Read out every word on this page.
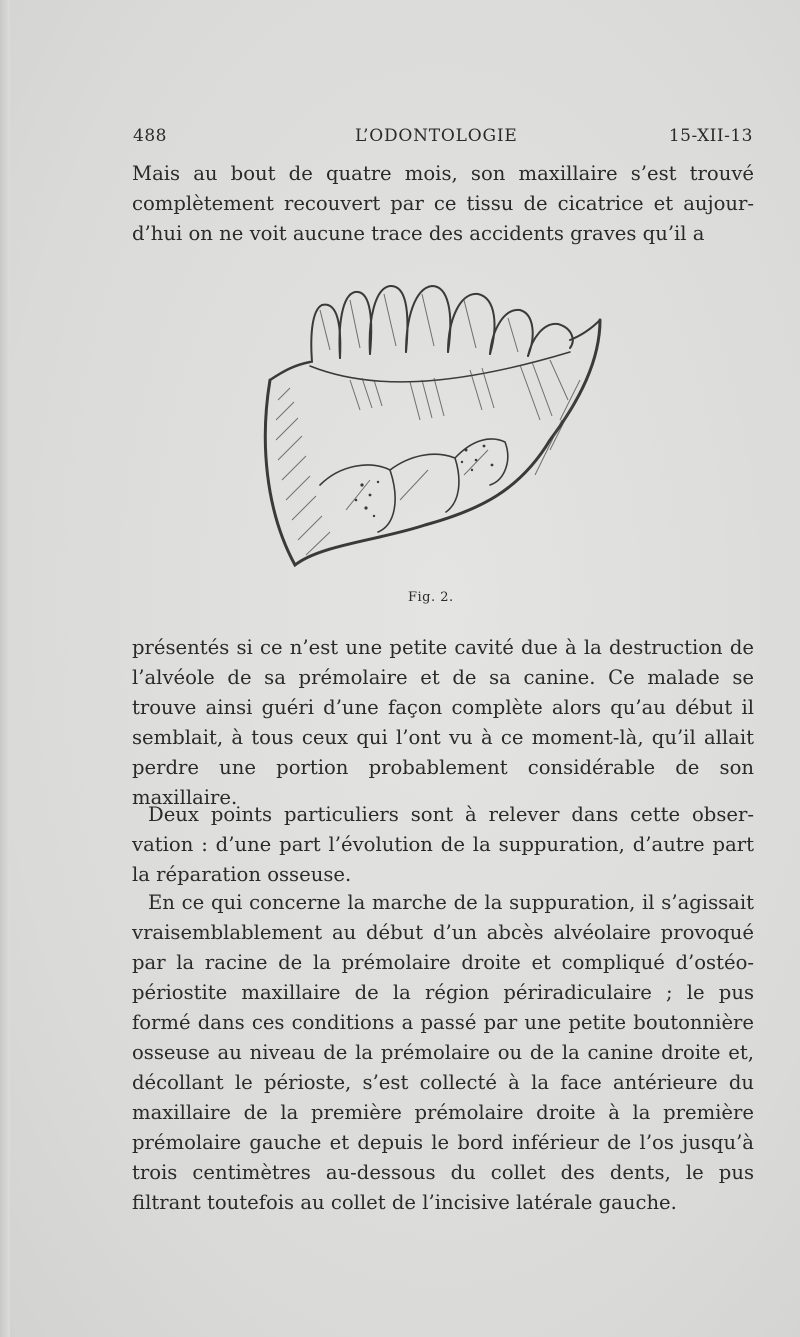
488	L’ODONTOLOGIE	15-XII-13

Mais au bout de quatre mois, son maxillaire s’est trouvé complètement recouvert par ce tissu de cicatrice et aujourd’hui on ne voit aucune trace des accidents graves qu’il a

Fig. 2.

présentés si ce n’est une petite cavité due à la destruction de l’alvéole de sa prémolaire et de sa canine. Ce malade se trouve ainsi guéri d’une façon complète alors qu’au début il semblait, à tous ceux qui l’ont vu à ce moment-là, qu’il allait perdre une portion probablement considérable de son maxillaire.

Deux points particuliers sont à relever dans cette observation : d’une part l’évolution de la suppuration, d’autre part la réparation osseuse.

En ce qui concerne la marche de la suppuration, il s’agissait vraisemblablement au début d’un abcès alvéolaire provoqué par la racine de la prémolaire droite et compliqué d’ostéo-périostite maxillaire de la région périradiculaire ; le pus formé dans ces conditions a passé par une petite boutonnière osseuse au niveau de la prémolaire ou de la canine droite et, décollant le périoste, s’est collecté à la face antérieure du maxillaire de la première prémolaire droite à la première prémolaire gauche et depuis le bord inférieur de l’os jusqu’à trois centimètres au-dessous du collet des dents, le pus filtrant toutefois au collet de l’incisive latérale gauche.
